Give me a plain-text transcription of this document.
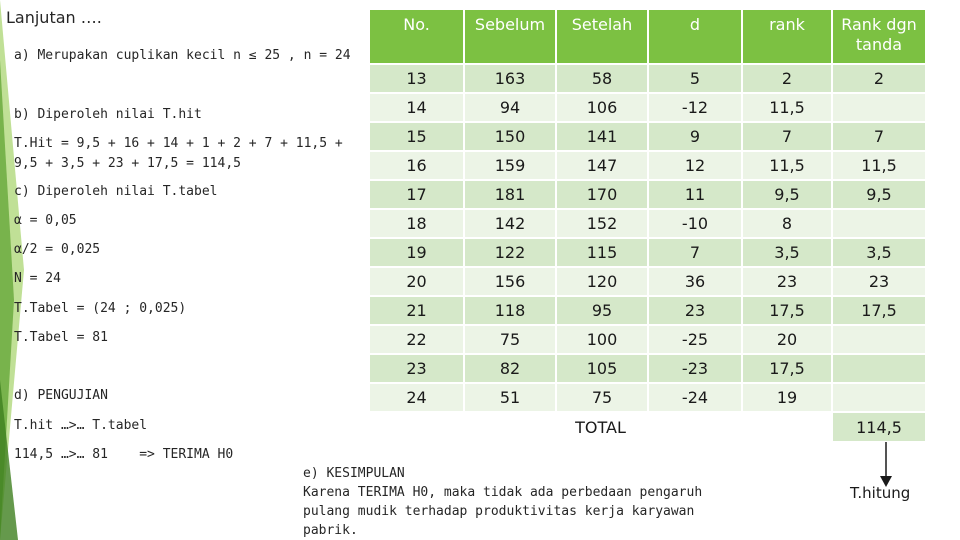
Lanjutan ….
a) Merupakan cuplikan kecil n ≤ 25 , n = 24
b) Diperoleh nilai T.hit
T.Hit = 9,5 + 16 + 14 + 1 + 2 + 7 + 11,5 + 9,5 + 3,5 + 23 + 17,5 = 114,5
c) Diperoleh nilai T.tabel
α = 0,05
α/2 = 0,025
N = 24
T.Tabel = (24 ; 0,025)
T.Tabel = 81
d) PENGUJIAN
T.hit …>… T.tabel
114,5 …>… 81    => TERIMA H0
No.	Sebelum	Setelah	d	rank	Rank dgn tanda
13	163	58	5	2	2
14	94	106	-12	11,5	
15	150	141	9	7	7
16	159	147	12	11,5	11,5
17	181	170	11	9,5	9,5
18	142	152	-10	8	
19	122	115	7	3,5	3,5
20	156	120	36	23	23
21	118	95	23	17,5	17,5
22	75	100	-25	20	
23	82	105	-23	17,5	
24	51	75	-24	19	
TOTAL					114,5
e) KESIMPULAN
Karena TERIMA H0, maka tidak ada perbedaan pengaruh pulang mudik terhadap produktivitas kerja karyawan pabrik.
T.hitung
